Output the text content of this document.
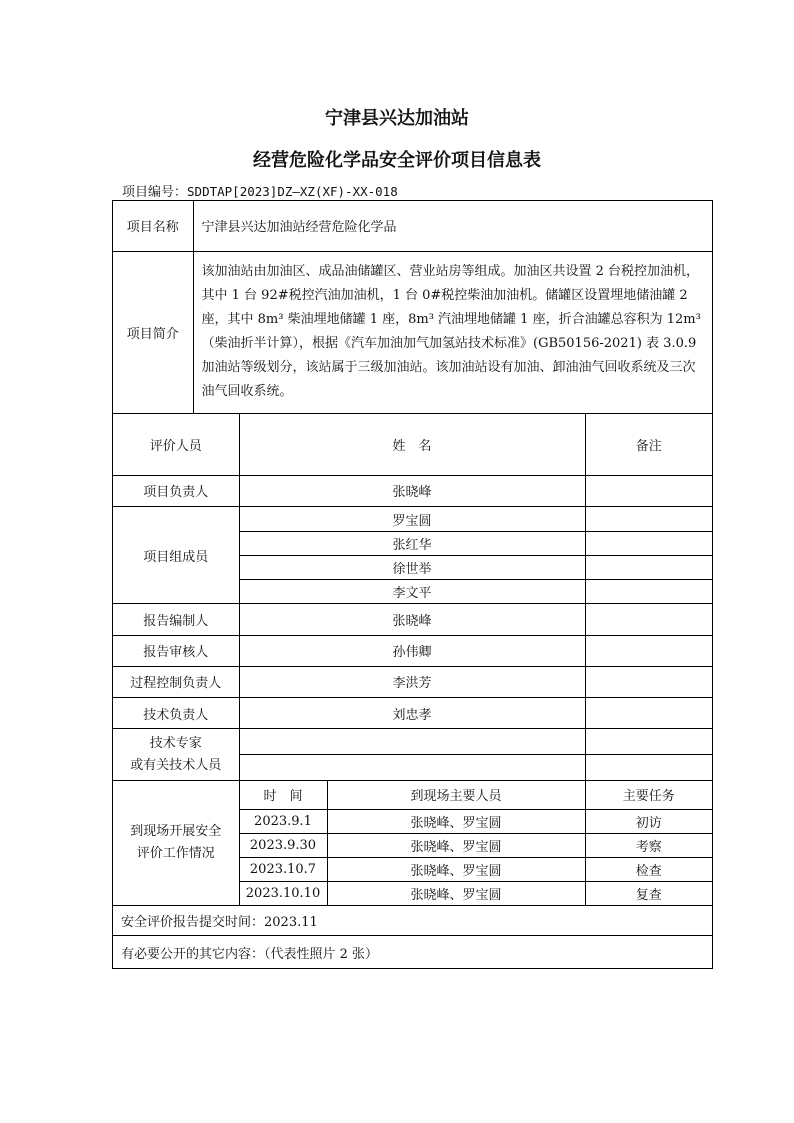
宁津县兴达加油站
经营危险化学品安全评价项目信息表
项目编号：SDDTAP[2023]DZ—XZ(XF)-XX-018
项目名称	宁津县兴达加油站经营危险化学品
项目简介	该加油站由加油区、成品油储罐区、营业站房等组成。加油区共设置 2 台税控加油机，其中 1 台 92#税控汽油加油机，1 台 0#税控柴油加油机。储罐区设置埋地储油罐 2 座，其中 8m³ 柴油埋地储罐 1 座，8m³ 汽油埋地储罐 1 座，折合油罐总容积为 12m³（柴油折半计算），根据《汽车加油加气加氢站技术标准》(GB50156-2021) 表 3.0.9 加油站等级划分，该站属于三级加油站。该加油站设有加油、卸油油气回收系统及三次油气回收系统。
评价人员	姓　名		备注
项目负责人	张晓峰		
项目组成员	罗宝圆		
	张红华		
	徐世举		
	李文平		
报告编制人	张晓峰		
报告审核人	孙伟卿		
过程控制负责人	李洪芳		
技术负责人	刘忠孝		

技术专家
或有关技术人员			

到现场开展安全
评价工作情况	时　间	到现场主要人员	主要任务
	2023.9.1	张晓峰、罗宝圆	初访
	2023.9.30	张晓峰、罗宝圆	考察
	2023.10.7	张晓峰、罗宝圆	检查
	2023.10.10	张晓峰、罗宝圆	复查
安全评价报告提交时间：2023.11			
有必要公开的其它内容：（代表性照片 2 张）			
